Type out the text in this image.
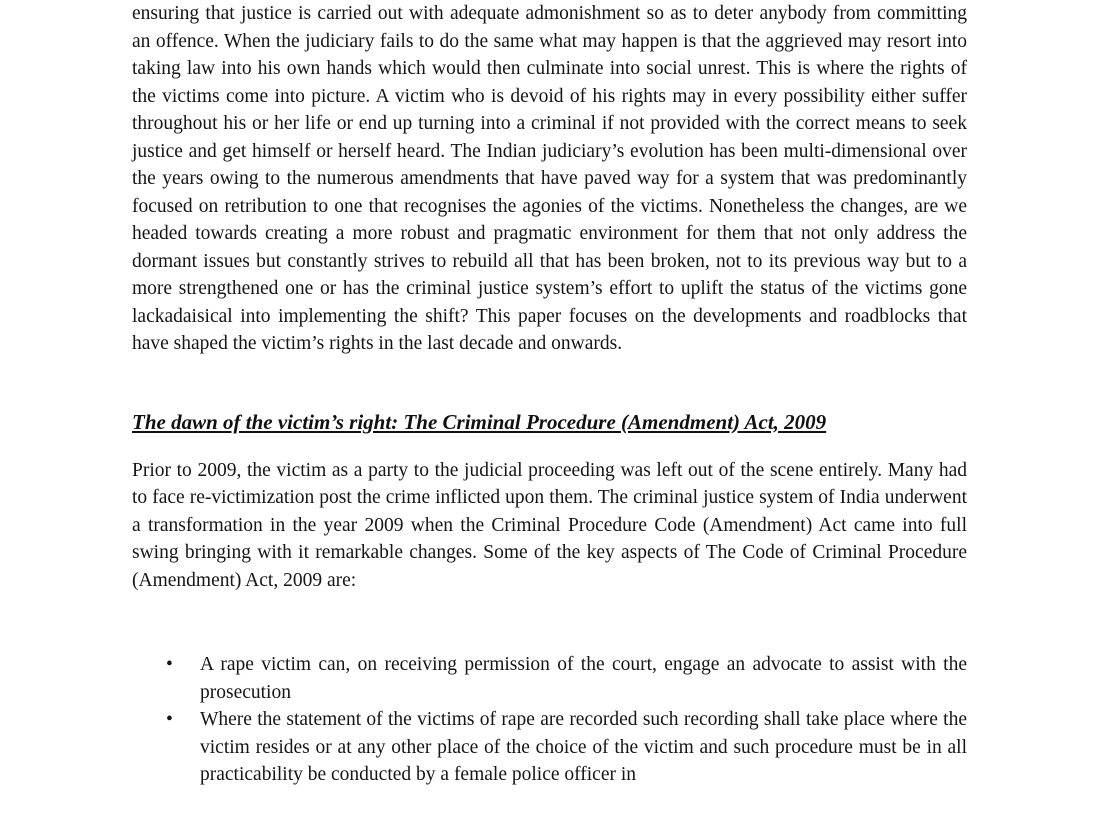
ensuring that justice is carried out with adequate admonishment so as to deter anybody from committing an offence. When the judiciary fails to do the same what may happen is that the aggrieved may resort into taking law into his own hands which would then culminate into social unrest. This is where the rights of the victims come into picture. A victim who is devoid of his rights may in every possibility either suffer throughout his or her life or end up turning into a criminal if not provided with the correct means to seek justice and get himself or herself heard. The Indian judiciary’s evolution has been multi-dimensional over the years owing to the numerous amendments that have paved way for a system that was predominantly focused on retribution to one that recognises the agonies of the victims. Nonetheless the changes, are we headed towards creating a more robust and pragmatic environment for them that not only address the dormant issues but constantly strives to rebuild all that has been broken, not to its previous way but to a more strengthened one or has the criminal justice system’s effort to uplift the status of the victims gone lackadaisical into implementing the shift? This paper focuses on the developments and roadblocks that have shaped the victim’s rights in the last decade and onwards.

The dawn of the victim’s right: The Criminal Procedure (Amendment) Act, 2009

Prior to 2009, the victim as a party to the judicial proceeding was left out of the scene entirely. Many had to face re-victimization post the crime inflicted upon them. The criminal justice system of India underwent a transformation in the year 2009 when the Criminal Procedure Code (Amendment) Act came into full swing bringing with it remarkable changes. Some of the key aspects of The Code of Criminal Procedure (Amendment) Act, 2009 are:

• A rape victim can, on receiving permission of the court, engage an advocate to assist with the prosecution
• Where the statement of the victims of rape are recorded such recording shall take place where the victim resides or at any other place of the choice of the victim and such procedure must be in all practicability be conducted by a female police officer in
